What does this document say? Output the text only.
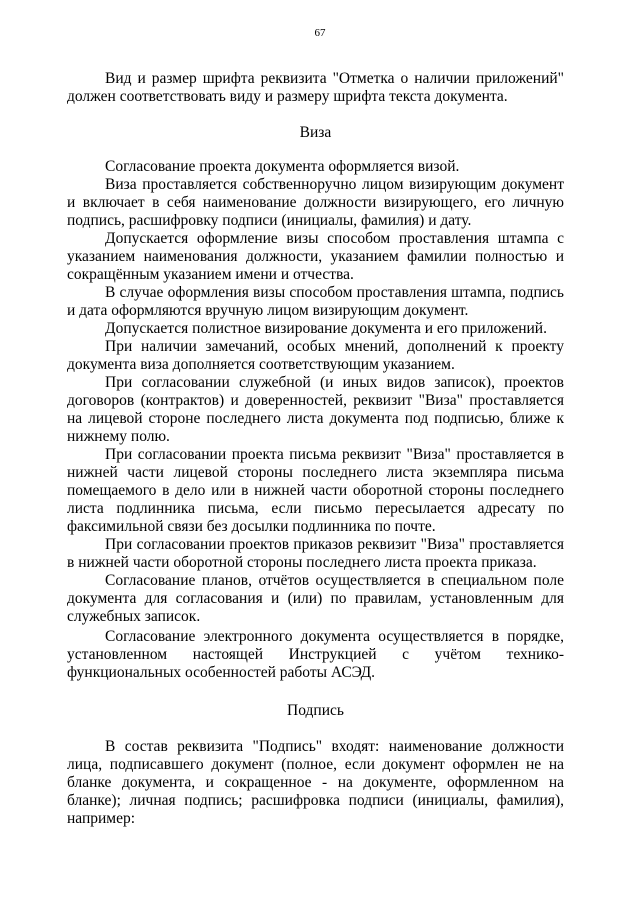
67

Вид и размер шрифта реквизита "Отметка о наличии приложений" должен соответствовать виду и размеру шрифта текста документа.

Виза

Согласование проекта документа оформляется визой.

Виза проставляется собственноручно лицом визирующим документ и включает в себя наименование должности визирующего, его личную подпись, расшифровку подписи (инициалы, фамилия) и дату.

Допускается оформление визы способом проставления штампа с указанием наименования должности, указанием фамилии полностью и сокращённым указанием имени и отчества.

В случае оформления визы способом проставления штампа, подпись и дата оформляются вручную лицом визирующим документ.

Допускается полистное визирование документа и его приложений.

При наличии замечаний, особых мнений, дополнений к проекту документа виза дополняется соответствующим указанием.

При согласовании служебной (и иных видов записок), проектов договоров (контрактов) и доверенностей, реквизит "Виза" проставляется на лицевой стороне последнего листа документа под подписью, ближе к нижнему полю.

При согласовании проекта письма реквизит "Виза" проставляется в нижней части лицевой стороны последнего листа экземпляра письма помещаемого в дело или в нижней части оборотной стороны последнего листа подлинника письма, если письмо пересылается адресату по факсимильной связи без досылки подлинника по почте.

При согласовании проектов приказов реквизит "Виза" проставляется в нижней части оборотной стороны последнего листа проекта приказа.

Согласование планов, отчётов осуществляется в специальном поле документа для согласования и (или) по правилам, установленным для служебных записок.

Согласование электронного документа осуществляется в порядке, установленном настоящей Инструкцией с учётом технико-функциональных особенностей работы АСЭД.

Подпись

В состав реквизита "Подпись" входят: наименование должности лица, подписавшего документ (полное, если документ оформлен не на бланке документа, и сокращенное - на документе, оформленном на бланке); личная подпись; расшифровка подписи (инициалы, фамилия), например:
